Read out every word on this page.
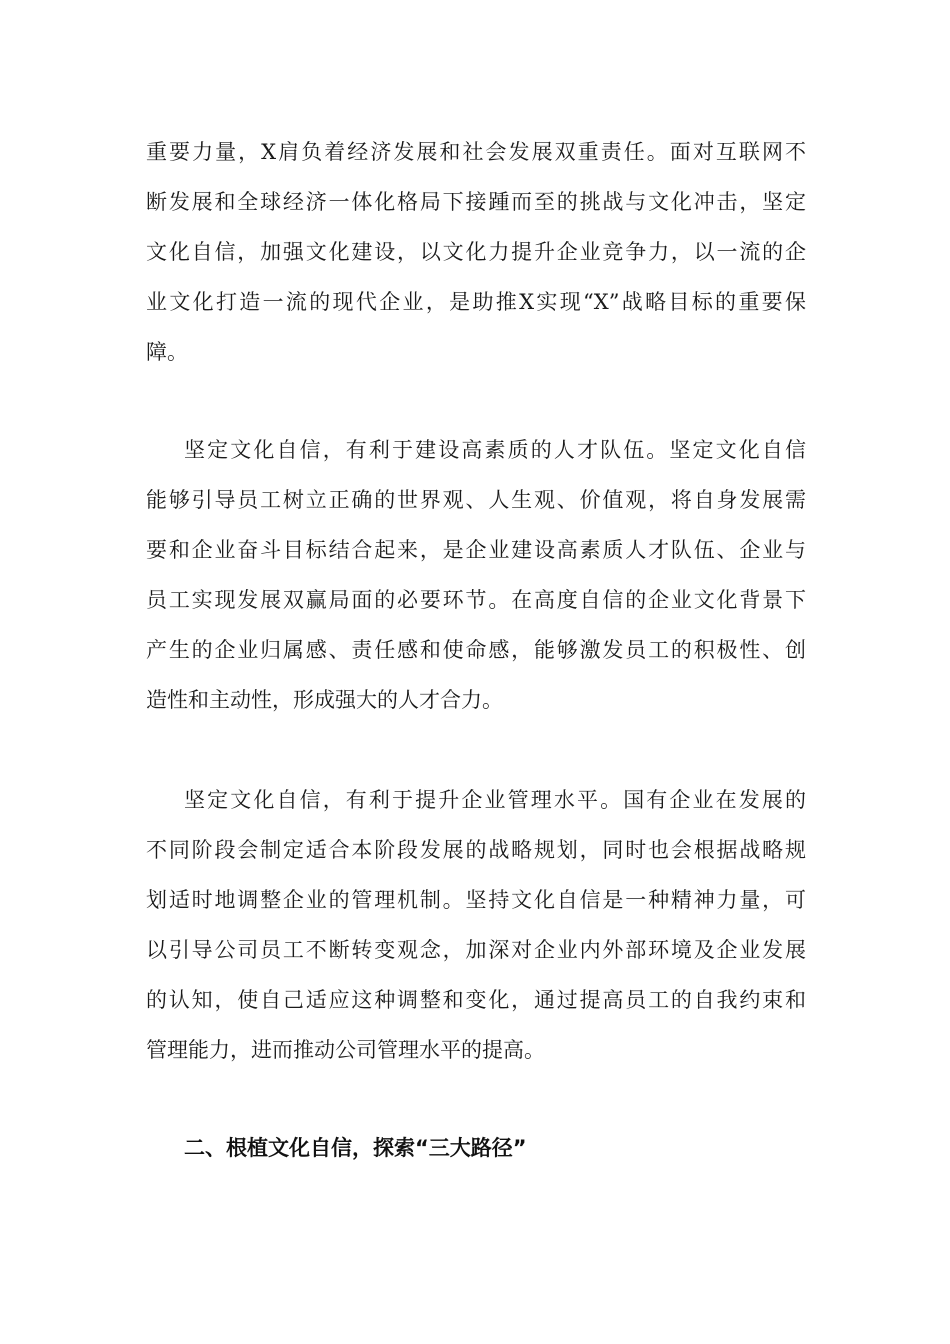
重要力量，X肩负着经济发展和社会发展双重责任。面对互联网不
断发展和全球经济一体化格局下接踵而至的挑战与文化冲击，坚定
文化自信，加强文化建设，以文化力提升企业竞争力，以一流的企
业文化打造一流的现代企业，是助推X实现“X”战略目标的重要保
障。
坚定文化自信，有利于建设高素质的人才队伍。坚定文化自信
能够引导员工树立正确的世界观、人生观、价值观，将自身发展需
要和企业奋斗目标结合起来，是企业建设高素质人才队伍、企业与
员工实现发展双赢局面的必要环节。在高度自信的企业文化背景下
产生的企业归属感、责任感和使命感，能够激发员工的积极性、创
造性和主动性，形成强大的人才合力。
坚定文化自信，有利于提升企业管理水平。国有企业在发展的
不同阶段会制定适合本阶段发展的战略规划，同时也会根据战略规
划适时地调整企业的管理机制。坚持文化自信是一种精神力量，可
以引导公司员工不断转变观念，加深对企业内外部环境及企业发展
的认知，使自己适应这种调整和变化，通过提高员工的自我约束和
管理能力，进而推动公司管理水平的提高。
二、根植文化自信，探索“三大路径”
